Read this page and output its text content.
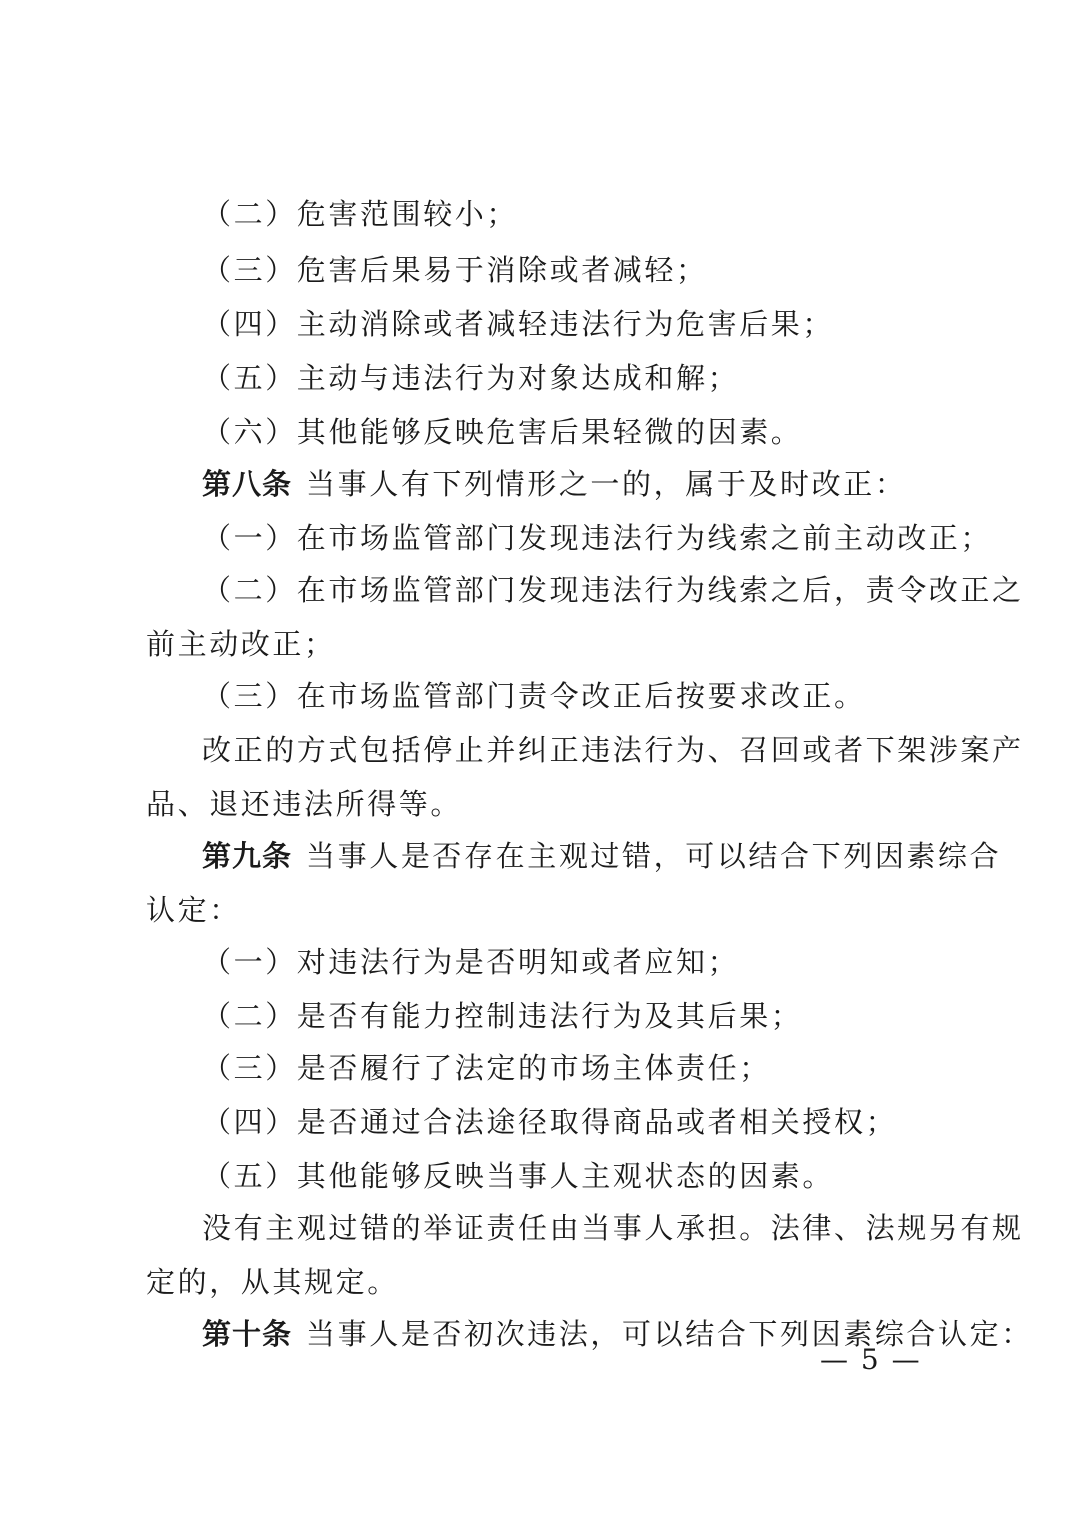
（二）危害范围较小；
（三）危害后果易于消除或者减轻；
（四）主动消除或者减轻违法行为危害后果；
（五）主动与违法行为对象达成和解；
（六）其他能够反映危害后果轻微的因素。
第八条 当事人有下列情形之一的，属于及时改正：
（一）在市场监管部门发现违法行为线索之前主动改正；
（二）在市场监管部门发现违法行为线索之后，责令改正之
前主动改正；
（三）在市场监管部门责令改正后按要求改正。
改正的方式包括停止并纠正违法行为、召回或者下架涉案产
品、退还违法所得等。
第九条 当事人是否存在主观过错，可以结合下列因素综合
认定：
（一）对违法行为是否明知或者应知；
（二）是否有能力控制违法行为及其后果；
（三）是否履行了法定的市场主体责任；
（四）是否通过合法途径取得商品或者相关授权；
（五）其他能够反映当事人主观状态的因素。
没有主观过错的举证责任由当事人承担。法律、法规另有规
定的，从其规定。
第十条 当事人是否初次违法，可以结合下列因素综合认定：
— 5 —
